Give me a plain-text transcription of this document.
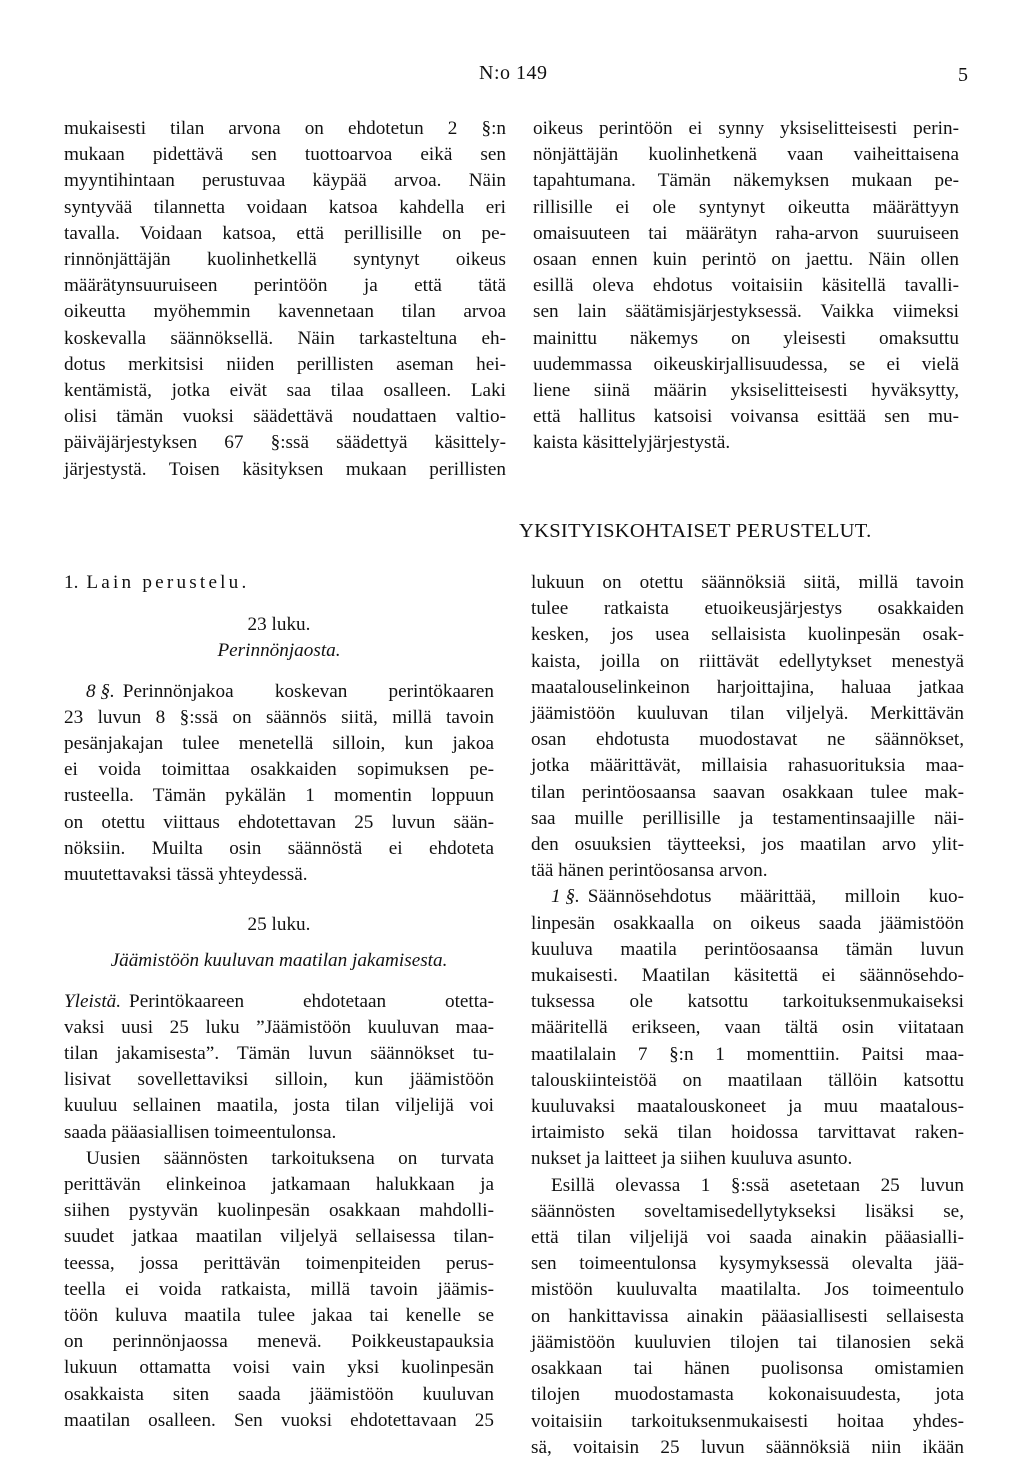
N:o 149	5
mukaisesti tilan arvona on ehdotetun 2 §:n
mukaan pidettävä sen tuottoarvoa eikä sen
myyntihintaan perustuvaa käypää arvoa. Näin
syntyvää tilannetta voidaan katsoa kahdella eri
tavalla. Voidaan katsoa, että perillisille on pe-
rinnönjättäjän kuolinhetkellä syntynyt oikeus
määrätynsuuruiseen perintöön ja että tätä
oikeutta myöhemmin kavennetaan tilan arvoa
koskevalla säännöksellä. Näin tarkasteltuna eh-
dotus merkitsisi niiden perillisten aseman hei-
kentämistä, jotka eivät saa tilaa osalleen. Laki
olisi tämän vuoksi säädettävä noudattaen valtio-
päiväjärjestyksen 67 §:ssä säädettyä käsittely-
järjestystä. Toisen käsityksen mukaan perillisten
oikeus perintöön ei synny yksiselitteisesti perin-
nönjättäjän kuolinhetkenä vaan vaiheittaisena
tapahtumana. Tämän näkemyksen mukaan pe-
rillisille ei ole syntynyt oikeutta määrättyyn
omaisuuteen tai määrätyn raha-arvon suuruiseen
osaan ennen kuin perintö on jaettu. Näin ollen
esillä oleva ehdotus voitaisiin käsitellä tavalli-
sen lain säätämisjärjestyksessä. Vaikka viimeksi
mainittu näkemys on yleisesti omaksuttu
uudemmassa oikeuskirjallisuudessa, se ei vielä
liene siinä määrin yksiselitteisesti hyväksytty,
että hallitus katsoisi voivansa esittää sen mu-
kaista käsittelyjärjestystä.
YKSITYISKOHTAISET PERUSTELUT.
1. Lain perustelu.
23 luku.
Perinnönjaosta.
8 §. Perinnönjakoa koskevan perintökaaren
23 luvun 8 §:ssä on säännös siitä, millä tavoin
pesänjakajan tulee menetellä silloin, kun jakoa
ei voida toimittaa osakkaiden sopimuksen pe-
rusteella. Tämän pykälän 1 momentin loppuun
on otettu viittaus ehdotettavan 25 luvun sään-
nöksiin. Muilta osin säännöstä ei ehdoteta
muutettavaksi tässä yhteydessä.
25 luku.
Jäämistöön kuuluvan maatilan jakamisesta.
Yleistä. Perintökaareen ehdotetaan otetta-
vaksi uusi 25 luku ”Jäämistöön kuuluvan maa-
tilan jakamisesta”. Tämän luvun säännökset tu-
lisivat sovellettaviksi silloin, kun jäämistöön
kuuluu sellainen maatila, josta tilan viljelijä voi
saada pääasiallisen toimeentulonsa.
Uusien säännösten tarkoituksena on turvata
perittävän elinkeinoa jatkamaan halukkaan ja
siihen pystyvän kuolinpesän osakkaan mahdolli-
suudet jatkaa maatilan viljelyä sellaisessa tilan-
teessa, jossa perittävän toimenpiteiden perus-
teella ei voida ratkaista, millä tavoin jäämis-
töön kuluva maatila tulee jakaa tai kenelle se
on perinnönjaossa menevä. Poikkeustapauksia
lukuun ottamatta voisi vain yksi kuolinpesän
osakkaista siten saada jäämistöön kuuluvan
maatilan osalleen. Sen vuoksi ehdotettavaan 25
lukuun on otettu säännöksiä siitä, millä tavoin
tulee ratkaista etuoikeusjärjestys osakkaiden
kesken, jos usea sellaisista kuolinpesän osak-
kaista, joilla on riittävät edellytykset menestyä
maatalouselinkeinon harjoittajina, haluaa jatkaa
jäämistöön kuuluvan tilan viljelyä. Merkittävän
osan ehdotusta muodostavat ne säännökset,
jotka määrittävät, millaisia rahasuorituksia maa-
tilan perintöosaansa saavan osakkaan tulee mak-
saa muille perillisille ja testamentinsaajille näi-
den osuuksien täytteeksi, jos maatilan arvo ylit-
tää hänen perintöosansa arvon.
1 §. Säännösehdotus määrittää, milloin kuo-
linpesän osakkaalla on oikeus saada jäämistöön
kuuluva maatila perintöosaansa tämän luvun
mukaisesti. Maatilan käsitettä ei säännösehdo-
tuksessa ole katsottu tarkoituksenmukaiseksi
määritellä erikseen, vaan tältä osin viitataan
maatilalain 7 §:n 1 momenttiin. Paitsi maa-
talouskiinteistöä on maatilaan tällöin katsottu
kuuluvaksi maatalouskoneet ja muu maatalous-
irtaimisto sekä tilan hoidossa tarvittavat raken-
nukset ja laitteet ja siihen kuuluva asunto.
Esillä olevassa 1 §:ssä asetetaan 25 luvun
säännösten soveltamisedellytykseksi lisäksi se,
että tilan viljelijä voi saada ainakin pääasialli-
sen toimeentulonsa kysymyksessä olevalta jää-
mistöön kuuluvalta maatilalta. Jos toimeentulo
on hankittavissa ainakin pääasiallisesti sellaisesta
jäämistöön kuuluvien tilojen tai tilanosien sekä
osakkaan tai hänen puolisonsa omistamien
tilojen muodostamasta kokonaisuudesta, jota
voitaisiin tarkoituksenmukaisesti hoitaa yhdes-
sä, voitaisin 25 luvun säännöksiä niin ikään
